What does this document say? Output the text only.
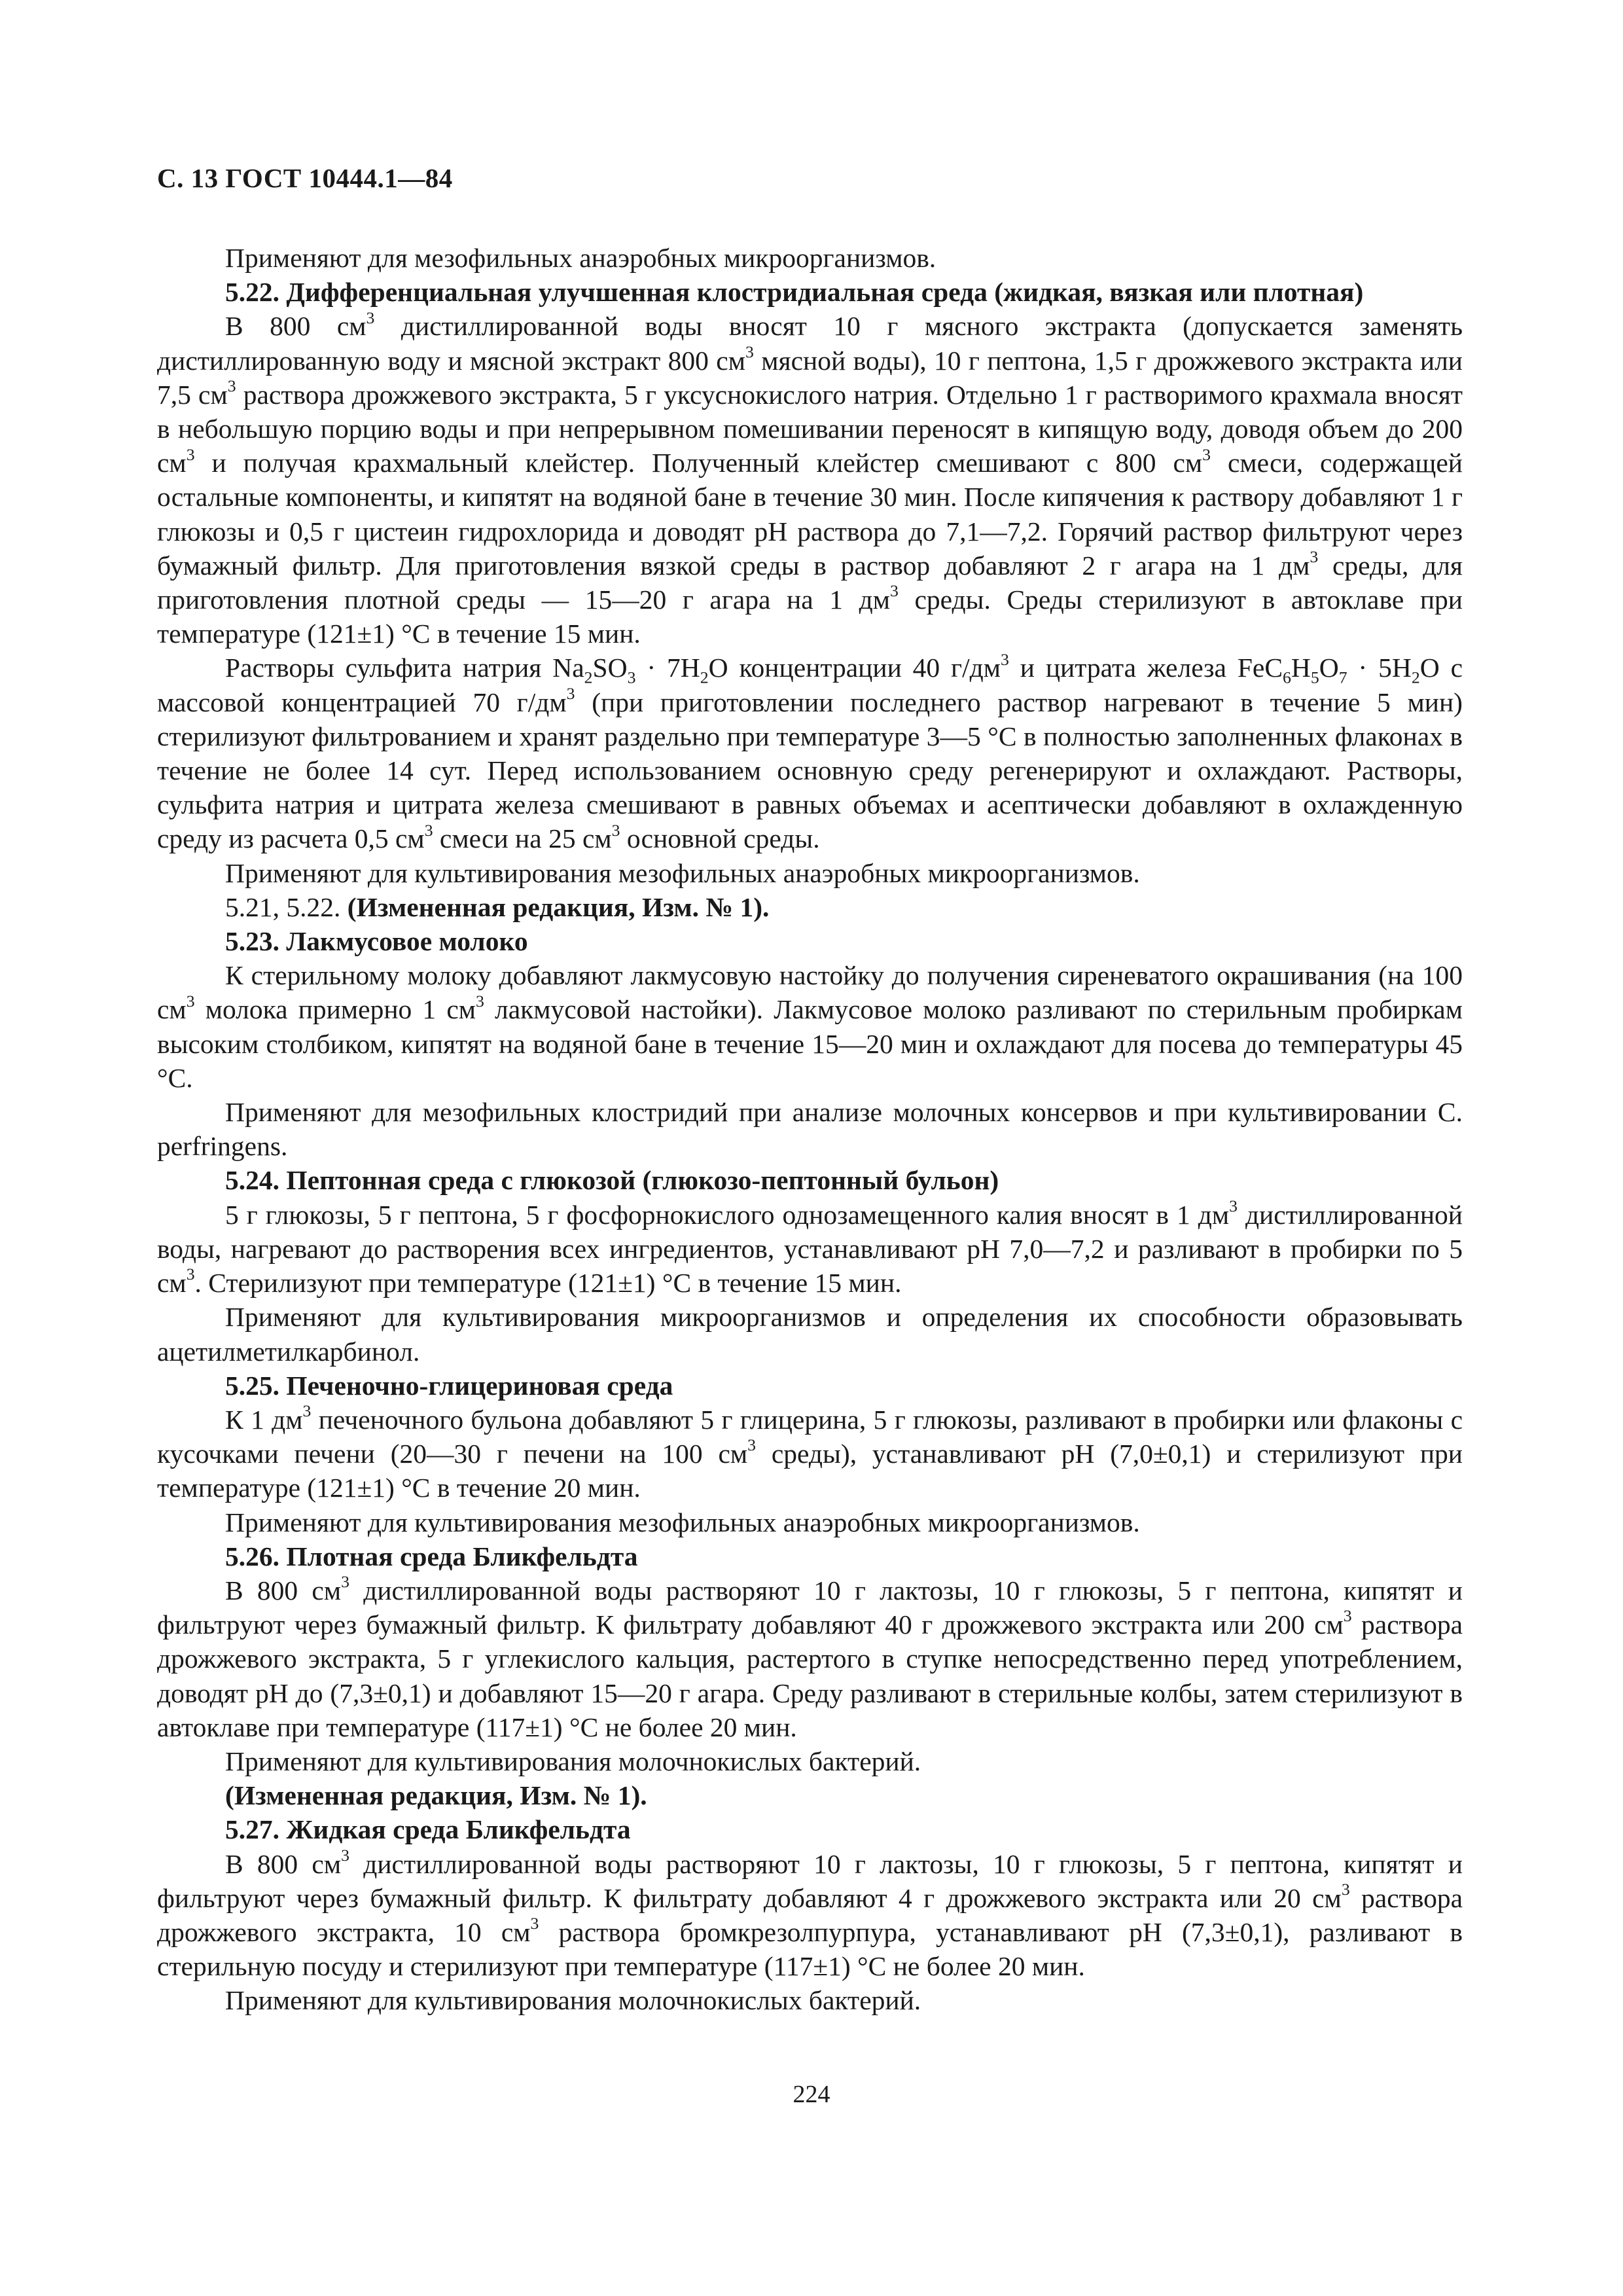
С. 13 ГОСТ 10444.1—84

Применяют для мезофильных анаэробных микроорганизмов.

5.22. Дифференциальная улучшенная клостридиальная среда (жидкая, вязкая или плотная)

В 800 $см^3$ дистиллированной воды вносят 10 г мясного экстракта (допускается заменять дистиллированную воду и мясной экстракт 800 $см^3$ мясной воды), 10 г пептона, 1,5 г дрожжевого экстракта или 7,5 $см^3$ раствора дрожжевого экстракта, 5 г уксуснокислого натрия. Отдельно 1 г растворимого крахмала вносят в небольшую порцию воды и при непрерывном помешивании переносят в кипящую воду, доводя объем до 200 $см^3$ и получая крахмальный клейстер. Полученный клейстер смешивают с 800 $см^3$ смеси, содержащей остальные компоненты, и кипятят на водяной бане в течение 30 мин. После кипячения к раствору добавляют 1 г глюкозы и 0,5 г цистеин гидрохлорида и доводят pH раствора до 7,1—7,2. Горячий раствор фильтруют через бумажный фильтр. Для приготовления вязкой среды в раствор добавляют 2 г агара на 1 $дм^3$ среды, для приготовления плотной среды — 15—20 г агара на 1 $дм^3$ среды. Среды стерилизуют в автоклаве при температуре (121±1) °С в течение 15 мин.

Растворы сульфита натрия $Na_2SO_3 \cdot 7H_2O$ концентрации 40 $г/дм^3$ и цитрата железа $FeC_6H_5O_7 \cdot 5H_2O$ с массовой концентрацией 70 $г/дм^3$ (при приготовлении последнего раствор нагревают в течение 5 мин) стерилизуют фильтрованием и хранят раздельно при температуре 3—5 °С в полностью заполненных флаконах в течение не более 14 сут. Перед использованием основную среду регенерируют и охлаждают. Растворы, сульфита натрия и цитрата железа смешивают в равных объемах и асептически добавляют в охлажденную среду из расчета 0,5 $см^3$ смеси на 25 $см^3$ основной среды.

Применяют для культивирования мезофильных анаэробных микроорганизмов.

5.21, 5.22. (Измененная редакция, Изм. № 1).

5.23. Лакмусовое молоко

К стерильному молоку добавляют лакмусовую настойку до получения сиреневатого окрашивания (на 100 $см^3$ молока примерно 1 $см^3$ лакмусовой настойки). Лакмусовое молоко разливают по стерильным пробиркам высоким столбиком, кипятят на водяной бане в течение 15—20 мин и охлаждают для посева до температуры 45 °С.

Применяют для мезофильных клостридий при анализе молочных консервов и при культивировании C. perfringens.

5.24. Пептонная среда с глюкозой (глюкозо-пептонный бульон)

5 г глюкозы, 5 г пептона, 5 г фосфорнокислого однозамещенного калия вносят в 1 $дм^3$ дистиллированной воды, нагревают до растворения всех ингредиентов, устанавливают pH 7,0—7,2 и разливают в пробирки по 5 $см^3$. Стерилизуют при температуре (121±1) °С в течение 15 мин.

Применяют для культивирования микроорганизмов и определения их способности образовывать ацетилметилкарбинол.

5.25. Печеночно-глицериновая среда

К 1 $дм^3$ печеночного бульона добавляют 5 г глицерина, 5 г глюкозы, разливают в пробирки или флаконы с кусочками печени (20—30 г печени на 100 $см^3$ среды), устанавливают pH (7,0±0,1) и стерилизуют при температуре (121±1) °С в течение 20 мин.

Применяют для культивирования мезофильных анаэробных микроорганизмов.

5.26. Плотная среда Бликфельдта

В 800 $см^3$ дистиллированной воды растворяют 10 г лактозы, 10 г глюкозы, 5 г пептона, кипятят и фильтруют через бумажный фильтр. К фильтрату добавляют 40 г дрожжевого экстракта или 200 $см^3$ раствора дрожжевого экстракта, 5 г углекислого кальция, растертого в ступке непосредственно перед употреблением, доводят pH до (7,3±0,1) и добавляют 15—20 г агара. Среду разливают в стерильные колбы, затем стерилизуют в автоклаве при температуре (117±1) °С не более 20 мин.

Применяют для культивирования молочнокислых бактерий.

(Измененная редакция, Изм. № 1).

5.27. Жидкая среда Бликфельдта

В 800 $см^3$ дистиллированной воды растворяют 10 г лактозы, 10 г глюкозы, 5 г пептона, кипятят и фильтруют через бумажный фильтр. К фильтрату добавляют 4 г дрожжевого экстракта или 20 $см^3$ раствора дрожжевого экстракта, 10 $см^3$ раствора бромкрезолпурпура, устанавливают pH (7,3±0,1), разливают в стерильную посуду и стерилизуют при температуре (117±1) °С не более 20 мин.

Применяют для культивирования молочнокислых бактерий.

224
